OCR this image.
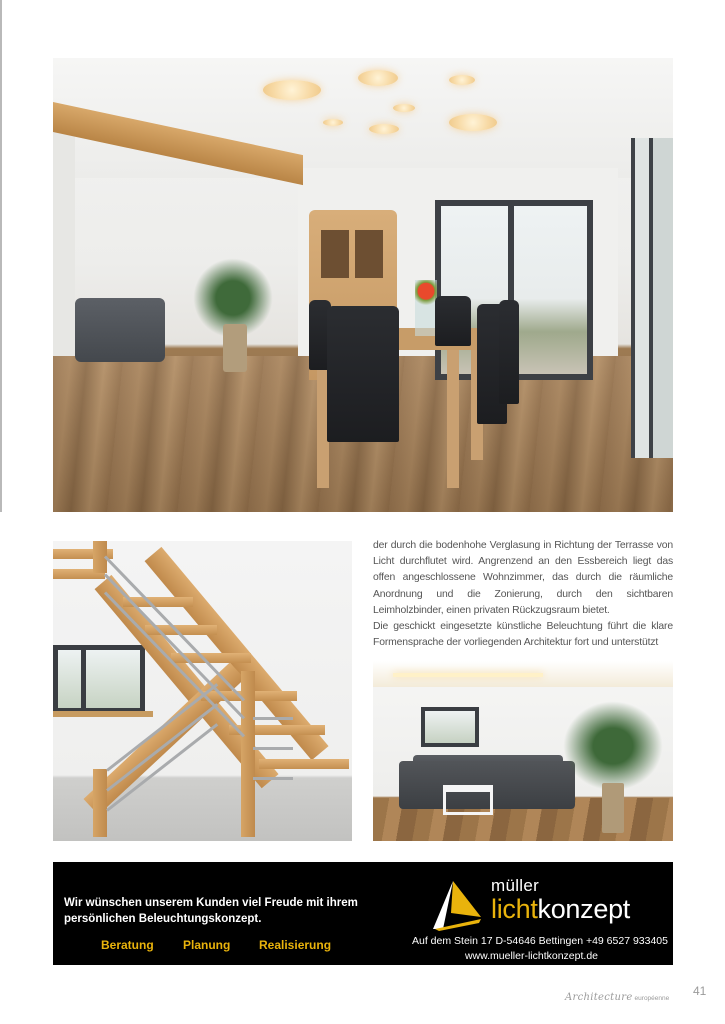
der durch die bodenhohe Verglasung in Richtung der Terrasse von Licht durchflutet wird. Angrenzend an den Essbereich liegt das offen angeschlossene Wohnzimmer, das durch die räumliche Anordnung und die Zonierung, durch den sichtbaren Leimholzbinder, einen privaten Rückzugsraum bietet.

Die geschickt eingesetzte künstliche Beleuchtung führt die klare Formensprache der vorliegenden Architektur fort und unterstützt

Wir wünschen unserem Kunden viel Freude mit ihrem
persönlichen Beleuchtungskonzept.
Beratung Planung Realisierung
müller
lichtkonzept
Auf dem Stein 17 D-54646 Bettingen +49 6527 933405
www.mueller-lichtkonzept.de
Architecture européenne
41
